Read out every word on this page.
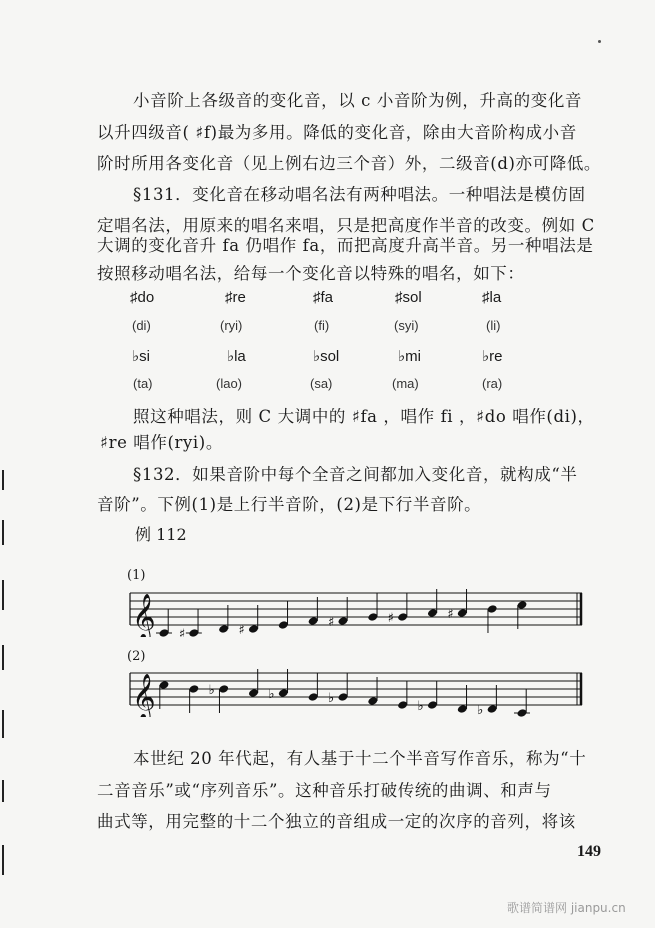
小音阶上各级音的变化音，以 c 小音阶为例，升高的变化音
以升四级音( ♯f)最为多用。降低的变化音，除由大音阶构成小音
阶时所用各变化音（见上例右边三个音）外，二级音(d)亦可降低。
§131．变化音在移动唱名法有两种唱法。一种唱法是模仿固
定唱名法，用原来的唱名来唱，只是把高度作半音的改变。例如 C
大调的变化音升 fa 仍唱作 fa，而把高度升高半音。另一种唱法是
按照移动唱名法，给每一个变化音以特殊的唱名，如下：
♯do	♯re	♯fa	♯sol	♯la
(di)	(ryi)	(fi)	(syi)	(li)
♭si	♭la	♭sol	♭mi	♭re
(ta)	(lao)	(sa)	(ma)	(ra)
照这种唱法，则 C 大调中的 ♯fa ，唱作 fi ，♯do 唱作(di)，
♯re 唱作(ryi)。
§132．如果音阶中每个全音之间都加入变化音，就构成“半
音阶”。下例(1)是上行半音阶，(2)是下行半音阶。
例 112
(1)
𝄞 ♯	♯
♯	♯	♯
(2)
𝄞	♭	♭	♭
♭	♭
本世纪 20 年代起，有人基于十二个半音写作音乐，称为“十
二音音乐”或“序列音乐”。这种音乐打破传统的曲调、和声与
曲式等，用完整的十二个独立的音组成一定的次序的音列，将该
149
歌谱简谱网 jianpu.cn
